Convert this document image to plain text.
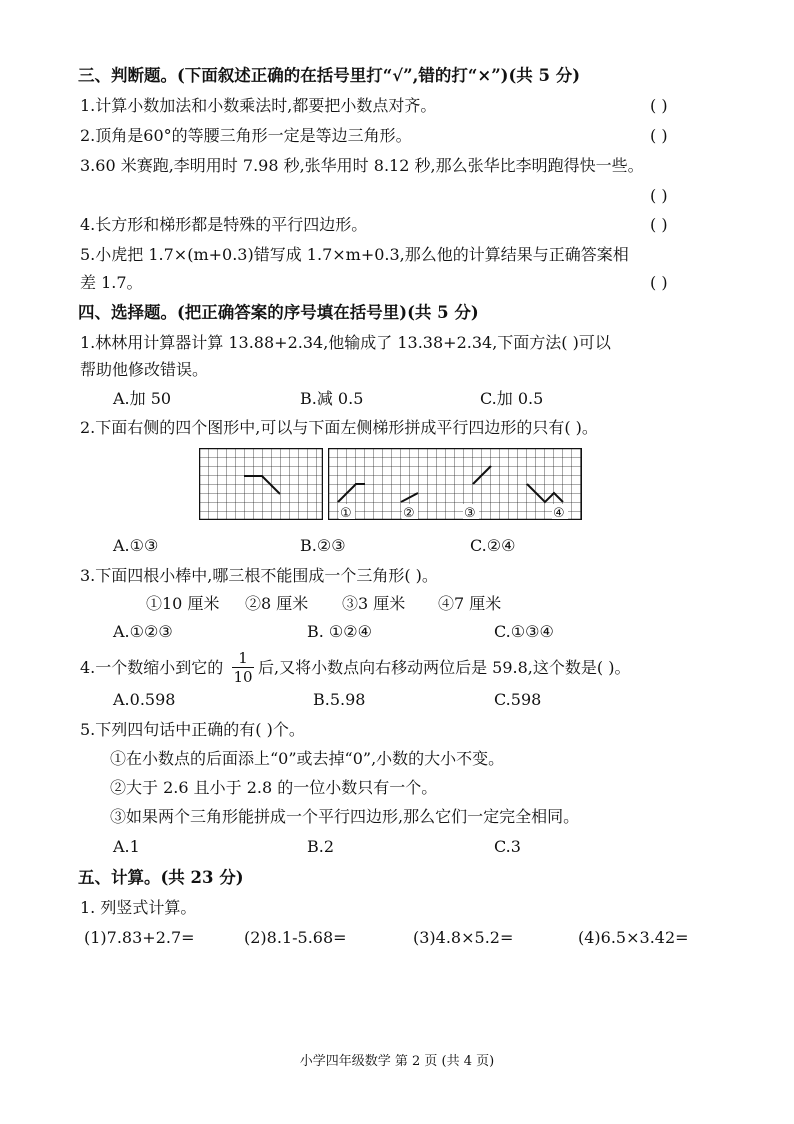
三、判断题。(下面叙述正确的在括号里打“√”,错的打“×”)(共 5 分)
1.计算小数加法和小数乘法时,都要把小数点对齐。	( )
2.顶角是60°的等腰三角形一定是等边三角形。	( )
3.60 米赛跑,李明用时 7.98 秒,张华用时 8.12 秒,那么张华比李明跑得快一些。
( )
4.长方形和梯形都是特殊的平行四边形。	( )
5.小虎把 1.7×(m+0.3)错写成 1.7×m+0.3,那么他的计算结果与正确答案相
差 1.7。	( )
四、选择题。(把正确答案的序号填在括号里)(共 5 分)
1.林林用计算器计算 13.88+2.34,他输成了 13.38+2.34,下面方法( )可以
帮助他修改错误。
A.加 50	B.减 0.5	C.加 0.5
2.下面右侧的四个图形中,可以与下面左侧梯形拼成平行四边形的只有( )。
①	②	③	④
A.①③	B.②③	C.②④
3.下面四根小棒中,哪三根不能围成一个三角形( )。
①10 厘米 ②8 厘米 ③3 厘米 ④7 厘米
A.①②③	B. ①②④	C.①③④
4.一个数缩小到它的 1
10 后,又将小数点向右移动两位后是 59.8,这个数是( )。
A.0.598	B.5.98	C.598
5.下列四句话中正确的有( )个。
①在小数点的后面添上“0”或去掉“0”,小数的大小不变。
②大于 2.6 且小于 2.8 的一位小数只有一个。
③如果两个三角形能拼成一个平行四边形,那么它们一定完全相同。
A.1	B.2	C.3
五、计算。(共 23 分)
1. 列竖式计算。
(1)7.83+2.7=	(2)8.1-5.68=	(3)4.8×5.2=	(4)6.5×3.42=
小学四年级数学 第 2 页 (共 4 页)
